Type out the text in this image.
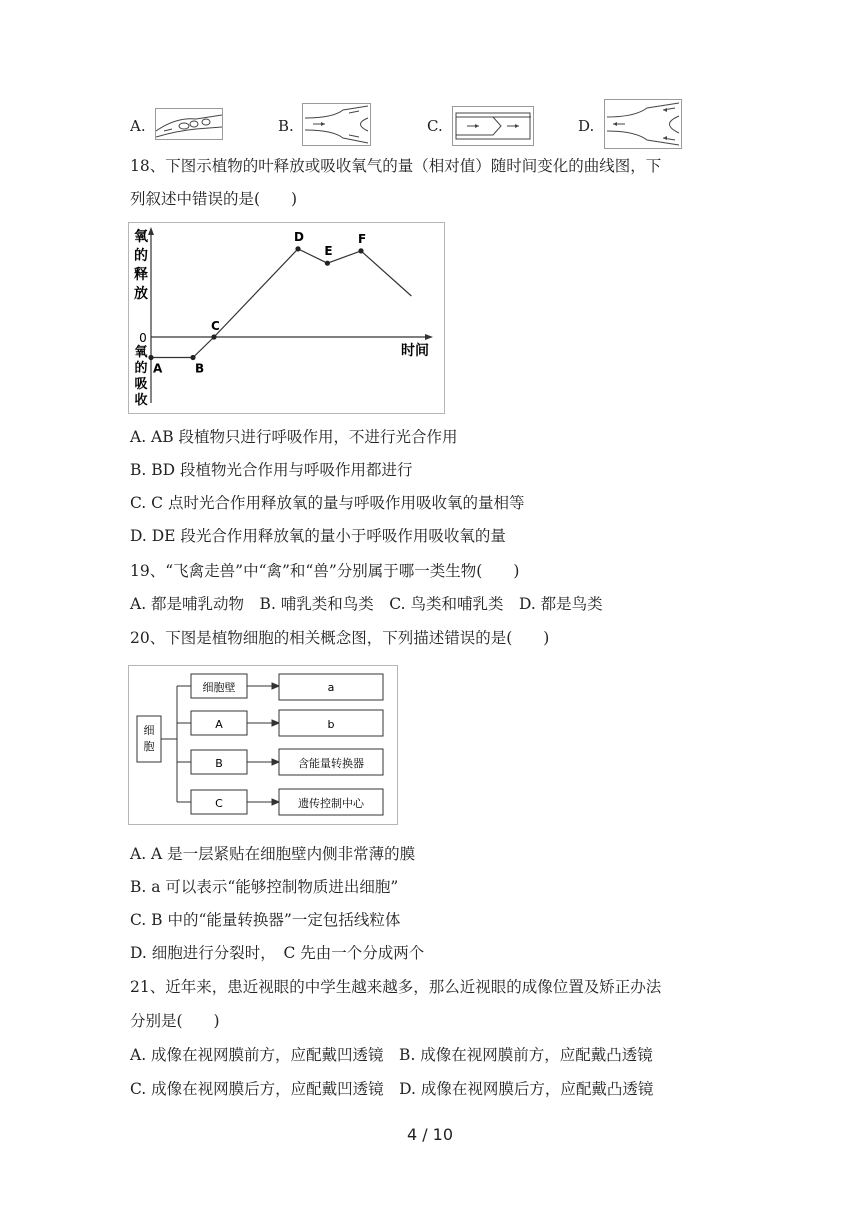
A.	B.	C.	D.
18、下图示植物的叶释放或吸收氧气的量（相对值）随时间变化的曲线图，下
列叙述中错误的是(　　)
氧
的
释
放
氧
的
吸
收
0
时间
A	B
C
D
E
F
A. AB 段植物只进行呼吸作用，不进行光合作用
B. BD 段植物光合作用与呼吸作用都进行
C. C 点时光合作用释放氧的量与呼吸作用吸收氧的量相等
D. DE 段光合作用释放氧的量小于呼吸作用吸收氧的量
19、“飞禽走兽”中“禽”和“兽”分别属于哪一类生物(　　)
A. 都是哺乳动物　B. 哺乳类和鸟类　C. 鸟类和哺乳类　D. 都是鸟类
20、下图是植物细胞的相关概念图，下列描述错误的是(　　)
细
胞
细胞壁
A
B
C
a
b
含能量转换器
遗传控制中心
A. A 是一层紧贴在细胞壁内侧非常薄的膜
B. a 可以表示“能够控制物质进出细胞”
C. B 中的“能量转换器”一定包括线粒体
D. 细胞进行分裂时，　C 先由一个分成两个
21、近年来，患近视眼的中学生越来越多，那么近视眼的成像位置及矫正办法
分别是(　　)
A. 成像在视网膜前方，应配戴凹透镜　B. 成像在视网膜前方，应配戴凸透镜
C. 成像在视网膜后方，应配戴凹透镜　D. 成像在视网膜后方，应配戴凸透镜
4 / 10
